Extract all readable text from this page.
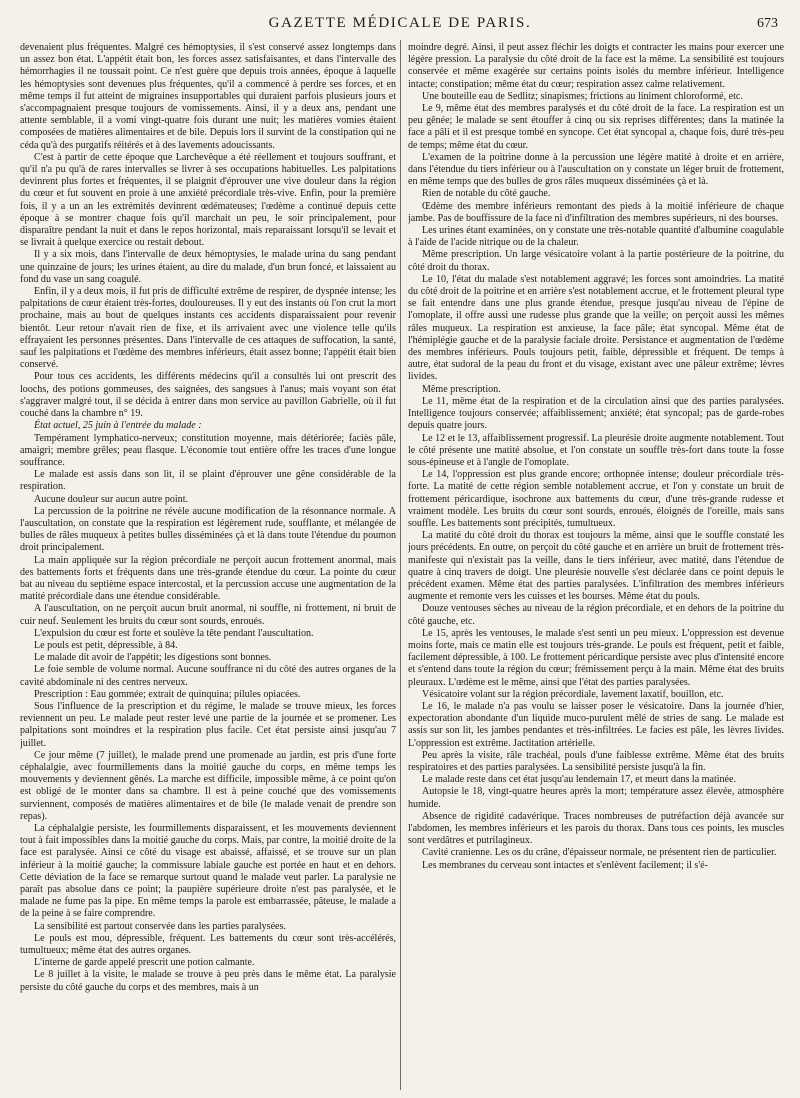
GAZETTE MÉDICALE DE PARIS.	673

devenaient plus fréquentes. Malgré ces hémoptysies, il s'est conservé assez longtemps dans un assez bon état. L'appétit était bon, les forces assez satisfaisantes, et dans l'intervalle des hémorrhagies il ne toussait point. Ce n'est guère que depuis trois années, époque à laquelle les hémoptysies sont devenues plus fréquentes, qu'il a commencé à perdre ses forces, et en même temps il fut atteint de migraines insupportables qui duraient parfois plusieurs jours et s'accompagnaient presque toujours de vomissements. Ainsi, il y a deux ans, pendant une attente semblable, il a vomi vingt-quatre fois durant une nuit; les matières vomies étaient composées de matières alimentaires et de bile. Depuis lors il survint de la constipation qui ne céda qu'à des purgatifs réitérés et à des lavements adoucissants.

C'est à partir de cette époque que Larchevêque a été réellement et toujours souffrant, et qu'il n'a pu qu'à de rares intervalles se livrer à ses occupations habituelles. Les palpitations devinrent plus fortes et fréquentes, il se plaignit d'éprouver une vive douleur dans la région du cœur et fut souvent en proie à une anxiété précordiale très-vive. Enfin, pour la première fois, il y a un an les extrémités devinrent œdémateuses; l'œdème a continué depuis cette époque à se montrer chaque fois qu'il marchait un peu, le soir principalement, pour disparaître pendant la nuit et dans le repos horizontal, mais reparaissant lorsqu'il se levait et se livrait à quelque exercice ou restait debout.

Il y a six mois, dans l'intervalle de deux hémoptysies, le malade urina du sang pendant une quinzaine de jours; les urines étaient, au dire du malade, d'un brun foncé, et laissaient au fond du vase un sang coagulé.

Enfin, il y a deux mois, il fut pris de difficulté extrême de respirer, de dyspnée intense; les palpitations de cœur étaient très-fortes, douloureuses. Il y eut des instants où l'on crut la mort prochaine, mais au bout de quelques instants ces accidents disparaissaient pour revenir bientôt. Leur retour n'avait rien de fixe, et ils arrivaient avec une violence telle qu'ils effrayaient les personnes présentes. Dans l'intervalle de ces attaques de suffocation, la santé, sauf les palpitations et l'œdème des membres inférieurs, était assez bonne; l'appétit était bien conservé.

Pour tous ces accidents, les différents médecins qu'il a consultés lui ont prescrit des loochs, des potions gommeuses, des saignées, des sangsues à l'anus; mais voyant son état s'aggraver malgré tout, il se décida à entrer dans mon service au pavillon Gabrielle, où il fut couché dans la chambre n° 19.

État actuel, 25 juin à l'entrée du malade :

Tempérament lymphatico-nerveux; constitution moyenne, mais détériorée; faciès pâle, amaigri; membre grêles; peau flasque. L'économie tout entière offre les traces d'une longue souffrance.

Le malade est assis dans son lit, il se plaint d'éprouver une gêne considérable de la respiration.

Aucune douleur sur aucun autre point.

La percussion de la poitrine ne révèle aucune modification de la résonnance normale. A l'auscultation, on constate que la respiration est légèrement rude, soufflante, et mélangée de bulles de râles muqueux à petites bulles disséminées çà et là dans toute l'étendue du poumon droit principalement.

La main appliquée sur la région précordiale ne perçoit aucun frottement anormal, mais des battements forts et fréquents dans une très-grande étendue du cœur. La pointe du cœur bat au niveau du septième espace intercostal, et la percussion accuse une augmentation de la matité précordiale dans une étendue considérable.

A l'auscultation, on ne perçoit aucun bruit anormal, ni souffle, ni frottement, ni bruit de cuir neuf. Seulement les bruits du cœur sont sourds, enroués.

L'expulsion du cœur est forte et soulève la tête pendant l'auscultation.

Le pouls est petit, dépressible, à 84.

Le malade dit avoir de l'appétit; les digestions sont bonnes.

Le foie semble de volume normal. Aucune souffrance ni du côté des autres organes de la cavité abdominale ni des centres nerveux.

Prescription : Eau gommée; extrait de quinquina; pilules opiacées.

Sous l'influence de la prescription et du régime, le malade se trouve mieux, les forces reviennent un peu. Le malade peut rester levé une partie de la journée et se promener. Les palpitations sont moindres et la respiration plus facile. Cet état persiste ainsi jusqu'au 7 juillet.

Ce jour même (7 juillet), le malade prend une promenade au jardin, est pris d'une forte céphalalgie, avec fourmillements dans la moitié gauche du corps, en même temps les mouvements y deviennent gênés. La marche est difficile, impossible même, à ce point qu'on est obligé de le monter dans sa chambre. Il est à peine couché que des vomissements surviennent, composés de matières alimentaires et de bile (le malade venait de prendre son repas).

La céphalalgie persiste, les fourmillements disparaissent, et les mouvements deviennent tout à fait impossibles dans la moitié gauche du corps. Mais, par contre, la moitié droite de la face est paralysée. Ainsi ce côté du visage est abaissé, affaissé, et se trouve sur un plan inférieur à la moitié gauche; la commissure labiale gauche est portée en haut et en dehors. Cette déviation de la face se remarque surtout quand le malade veut parler. La paralysie ne paraît pas absolue dans ce point; la paupière supérieure droite n'est pas paralysée, et le malade ne fume pas la pipe. En même temps la parole est embarrassée, pâteuse, le malade a de la peine à se faire comprendre.

La sensibilité est partout conservée dans les parties paralysées.

Le pouls est mou, dépressible, fréquent. Les battements du cœur sont très-accélérés, tumultueux; même état des autres organes.

L'interne de garde appelé prescrit une potion calmante.

Le 8 juillet à la visite, le malade se trouve à peu près dans le même état. La paralysie persiste du côté gauche du corps et des membres, mais à un

moindre degré. Ainsi, il peut assez fléchir les doigts et contracter les mains pour exercer une légère pression. La paralysie du côté droit de la face est la même. La sensibilité est toujours conservée et même exagérée sur certains points isolés du membre inférieur. Intelligence intacte; constipation; même état du cœur; respiration assez calme relativement.

Une bouteille eau de Sedlitz; sinapismes; frictions au liniment chloroformé, etc.

Le 9, même état des membres paralysés et du côté droit de la face. La respiration est un peu gênée; le malade se sent étouffer à cinq ou six reprises différentes; dans la matinée la face a pâli et il est presque tombé en syncope. Cet état syncopal a, chaque fois, duré très-peu de temps; même état du cœur.

L'examen de la poitrine donne à la percussion une légère matité à droite et en arrière, dans l'étendue du tiers inférieur ou à l'auscultation on y constate un léger bruit de frottement, en même temps que des bulles de gros râles muqueux disséminées çà et là.

Rien de notable du côté gauche.

Œdème des membre inférieurs remontant des pieds à la moitié inférieure de chaque jambe. Pas de bouffissure de la face ni d'infiltration des membres supérieurs, ni des bourses.

Les urines étant examinées, on y constate une très-notable quantité d'albumine coagulable à l'aide de l'acide nitrique ou de la chaleur.

Même prescription. Un large vésicatoire volant à la partie postérieure de la poitrine, du côté droit du thorax.

Le 10, l'état du malade s'est notablement aggravé; les forces sont amoindries. La matité du côté droit de la poitrine et en arrière s'est notablement accrue, et le frottement pleural type se fait entendre dans une plus grande étendue, presque jusqu'au niveau de l'épine de l'omoplate, il offre aussi une rudesse plus grande que la veille; on perçoit aussi les mêmes râles muqueux. La respiration est anxieuse, la face pâle; état syncopal. Même état de l'hémiplégie gauche et de la paralysie faciale droite. Persistance et augmentation de l'œdème des membres inférieurs. Pouls toujours petit, faible, dépressible et fréquent. De temps à autre, état sudoral de la peau du front et du visage, existant avec une pâleur extrême; lèvres livides.

Même prescription.

Le 11, même état de la respiration et de la circulation ainsi que des parties paralysées. Intelligence toujours conservée; affaiblissement; anxiété; état syncopal; pas de garde-robes depuis quatre jours.

Le 12 et le 13, affaiblissement progressif. La pleurésie droite augmente notablement. Tout le côté présente une matité absolue, et l'on constate un souffle très-fort dans toute la fosse sous-épineuse et à l'angle de l'omoplate.

Le 14, l'oppression est plus grande encore; orthopnée intense; douleur précordiale très-forte. La matité de cette région semble notablement accrue, et l'on y constate un bruit de frottement péricardique, isochrone aux battements du cœur, d'une très-grande rudesse et vraiment modèle. Les bruits du cœur sont sourds, enroués, éloignés de l'oreille, mais sans souffle. Les battements sont précipités, tumultueux.

La matité du côté droit du thorax est toujours la même, ainsi que le souffle constaté les jours précédents. En outre, on perçoit du côté gauche et en arrière un bruit de frottement très-manifeste qui n'existait pas la veille, dans le tiers inférieur, avec matité, dans l'étendue de quatre à cinq travers de doigt. Une pleurésie nouvelle s'est déclarée dans ce point depuis le précédent examen. Même état des parties paralysées. L'infiltration des membres inférieurs augmente et remonte vers les cuisses et les bourses. Même état du pouls.

Douze ventouses sèches au niveau de la région précordiale, et en dehors de la poitrine du côté gauche, etc.

Le 15, après les ventouses, le malade s'est senti un peu mieux. L'oppression est devenue moins forte, mais ce matin elle est toujours très-grande. Le pouls est fréquent, petit et faible, facilement dépressible, à 100. Le frottement péricardique persiste avec plus d'intensité encore et s'entend dans toute la région du cœur; frémissement perçu à la main. Même état des bruits pleuraux. L'œdème est le même, ainsi que l'état des parties paralysées.

Vésicatoire volant sur la région précordiale, lavement laxatif, bouillon, etc.

Le 16, le malade n'a pas voulu se laisser poser le vésicatoire. Dans la journée d'hier, expectoration abondante d'un liquide muco-purulent mêlé de stries de sang. Le malade est assis sur son lit, les jambes pendantes et très-infiltrées. Le facies est pâle, les lèvres livides. L'oppression est extrême. Jactitation artérielle.

Peu après la visite, râle trachéal, pouls d'une faiblesse extrême. Même état des bruits respiratoires et des parties paralysées. La sensibilité persiste jusqu'à la fin.

Le malade reste dans cet état jusqu'au lendemain 17, et meurt dans la matinée.

Autopsie le 18, vingt-quatre heures après la mort; température assez élevée, atmosphère humide.

Absence de rigidité cadavérique. Traces nombreuses de putréfaction déjà avancée sur l'abdomen, les membres inférieurs et les parois du thorax. Dans tous ces points, les muscles sont verdâtres et putrilagineux.

Cavité cranienne. Les os du crâne, d'épaisseur normale, ne présentent rien de particulier.

Les membranes du cerveau sont intactes et s'enlèvent facilement; il s'é-
